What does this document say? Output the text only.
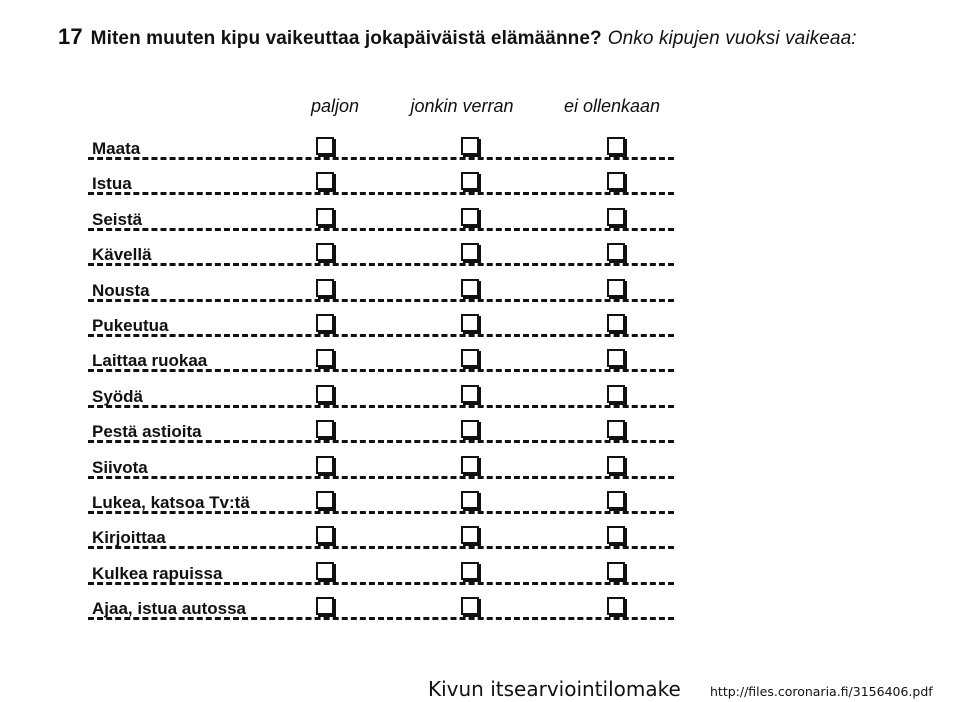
17 Miten muuten kipu vaikeuttaa jokapäiväistä elämäänne? Onko kipujen vuoksi vaikeaa:
paljon	jonkin verran	ei ollenkaan
Maata
Istua
Seistä
Kävellä
Nousta
Pukeutua
Laittaa ruokaa
Syödä
Pestä astioita
Siivota
Lukea, katsoa Tv:tä
Kirjoittaa
Kulkea rapuissa
Ajaa, istua autossa
Kivun itsearviointilomake http://files.coronaria.fi/3156406.pdf
